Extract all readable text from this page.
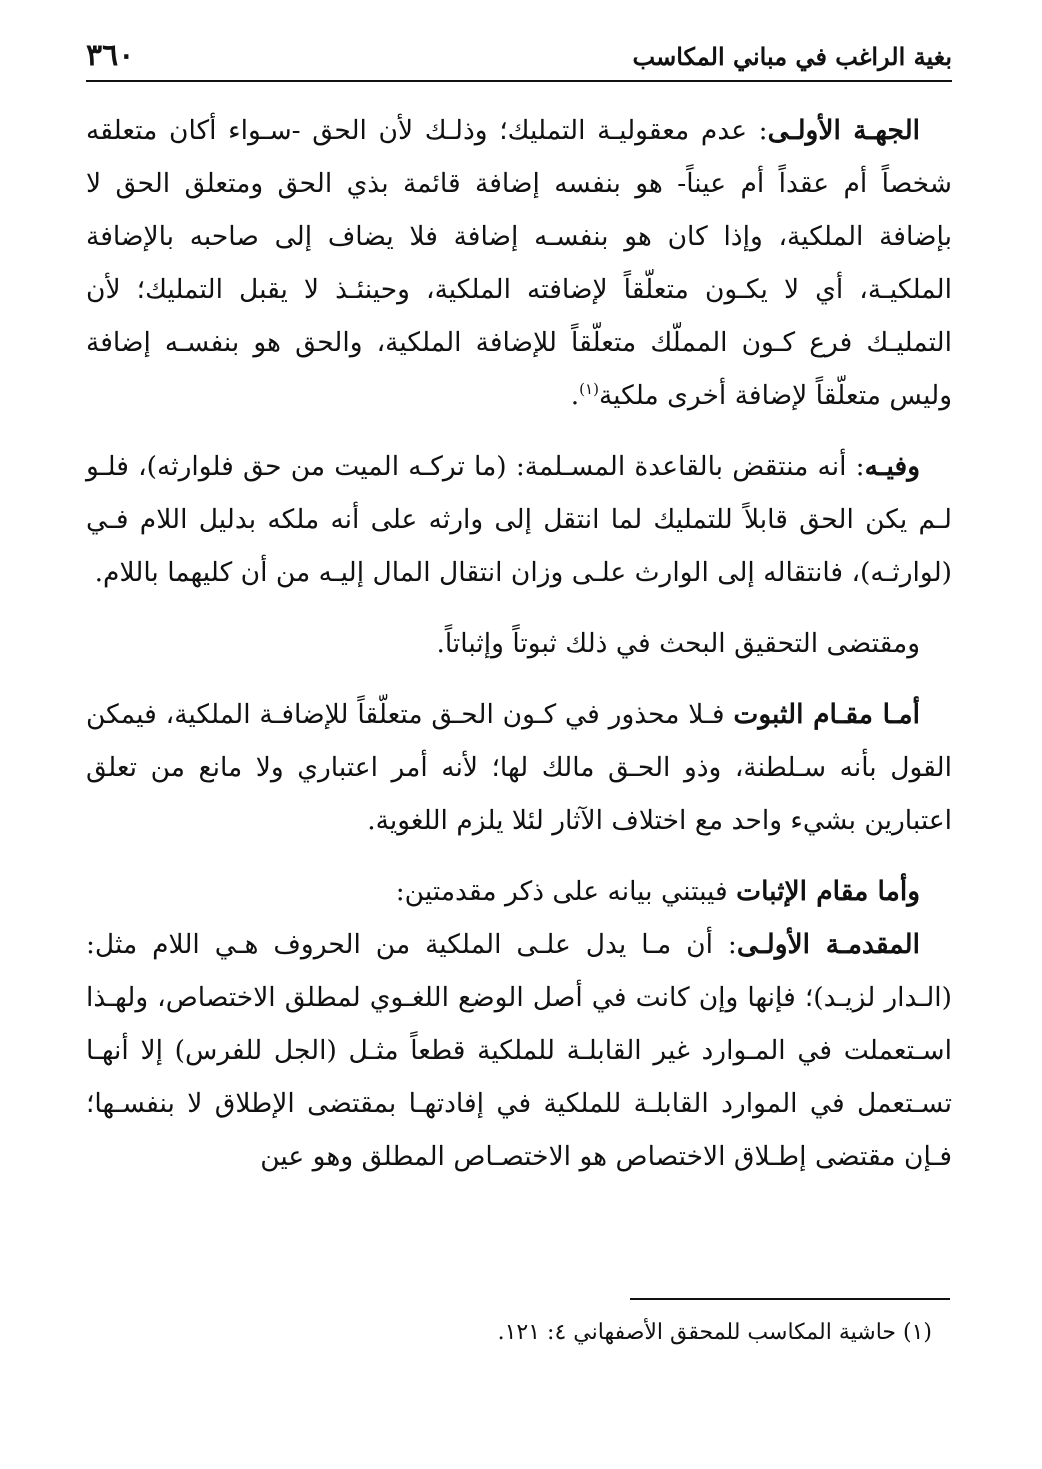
٣٦٠	بغية الراغب في مباني المكاسب

الجهـة الأولـى: عدم معقوليـة التمليك؛ وذلـك لأن الحق -سـواء أكان متعلقه شخصاً أم عقداً أم عيناً- هو بنفسه إضافة قائمة بذي الحق ومتعلق الحق لا بإضافة الملكية، وإذا كان هو بنفسـه إضافة فلا يضاف إلى صاحبه بالإضافة الملكيـة، أي لا يكـون متعلّقاً لإضافته الملكية، وحينئـذ لا يقبل التمليك؛ لأن التمليـك فرع كـون المملّك متعلّقاً للإضافة الملكية، والحق هو بنفسـه إضافة وليس متعلّقاً لإضافة أخرى ملكية$^{(١)}$.

وفيـه: أنه منتقض بالقاعدة المسـلمة: (ما تركـه الميت من حق فلوارثه)، فلـو لـم يكن الحق قابلاً للتمليك لما انتقل إلى وارثه على أنه ملكه بدليل اللام فـي (لوارثـه)، فانتقاله إلى الوارث علـى وزان انتقال المال إليـه من أن كليهما باللام.

ومقتضى التحقيق البحث في ذلك ثبوتاً وإثباتاً.

أمـا مقـام الثبوت فـلا محذور في كـون الحـق متعلّقاً للإضافـة الملكية، فيمكن القول بأنه سـلطنة، وذو الحـق مالك لها؛ لأنه أمر اعتباري ولا مانع من تعلق اعتبارين بشيء واحد مع اختلاف الآثار لئلا يلزم اللغوية.

وأما مقام الإثبات فيبتني بيانه على ذكر مقدمتين:

المقدمـة الأولـى: أن مـا يدل علـى الملكية من الحروف هـي اللام مثل: (الـدار لزيـد)؛ فإنها وإن كانت في أصل الوضع اللغـوي لمطلق الاختصاص، ولهـذا اسـتعملت في المـوارد غير القابلـة للملكية قطعاً مثـل (الجل للفرس) إلا أنهـا تسـتعمل في الموارد القابلـة للملكية في إفادتهـا بمقتضى الإطلاق لا بنفسـها؛ فـإن مقتضى إطـلاق الاختصاص هو الاختصـاص المطلق وهو عين

(١) حاشية المكاسب للمحقق الأصفهاني ٤: ١٢١.
